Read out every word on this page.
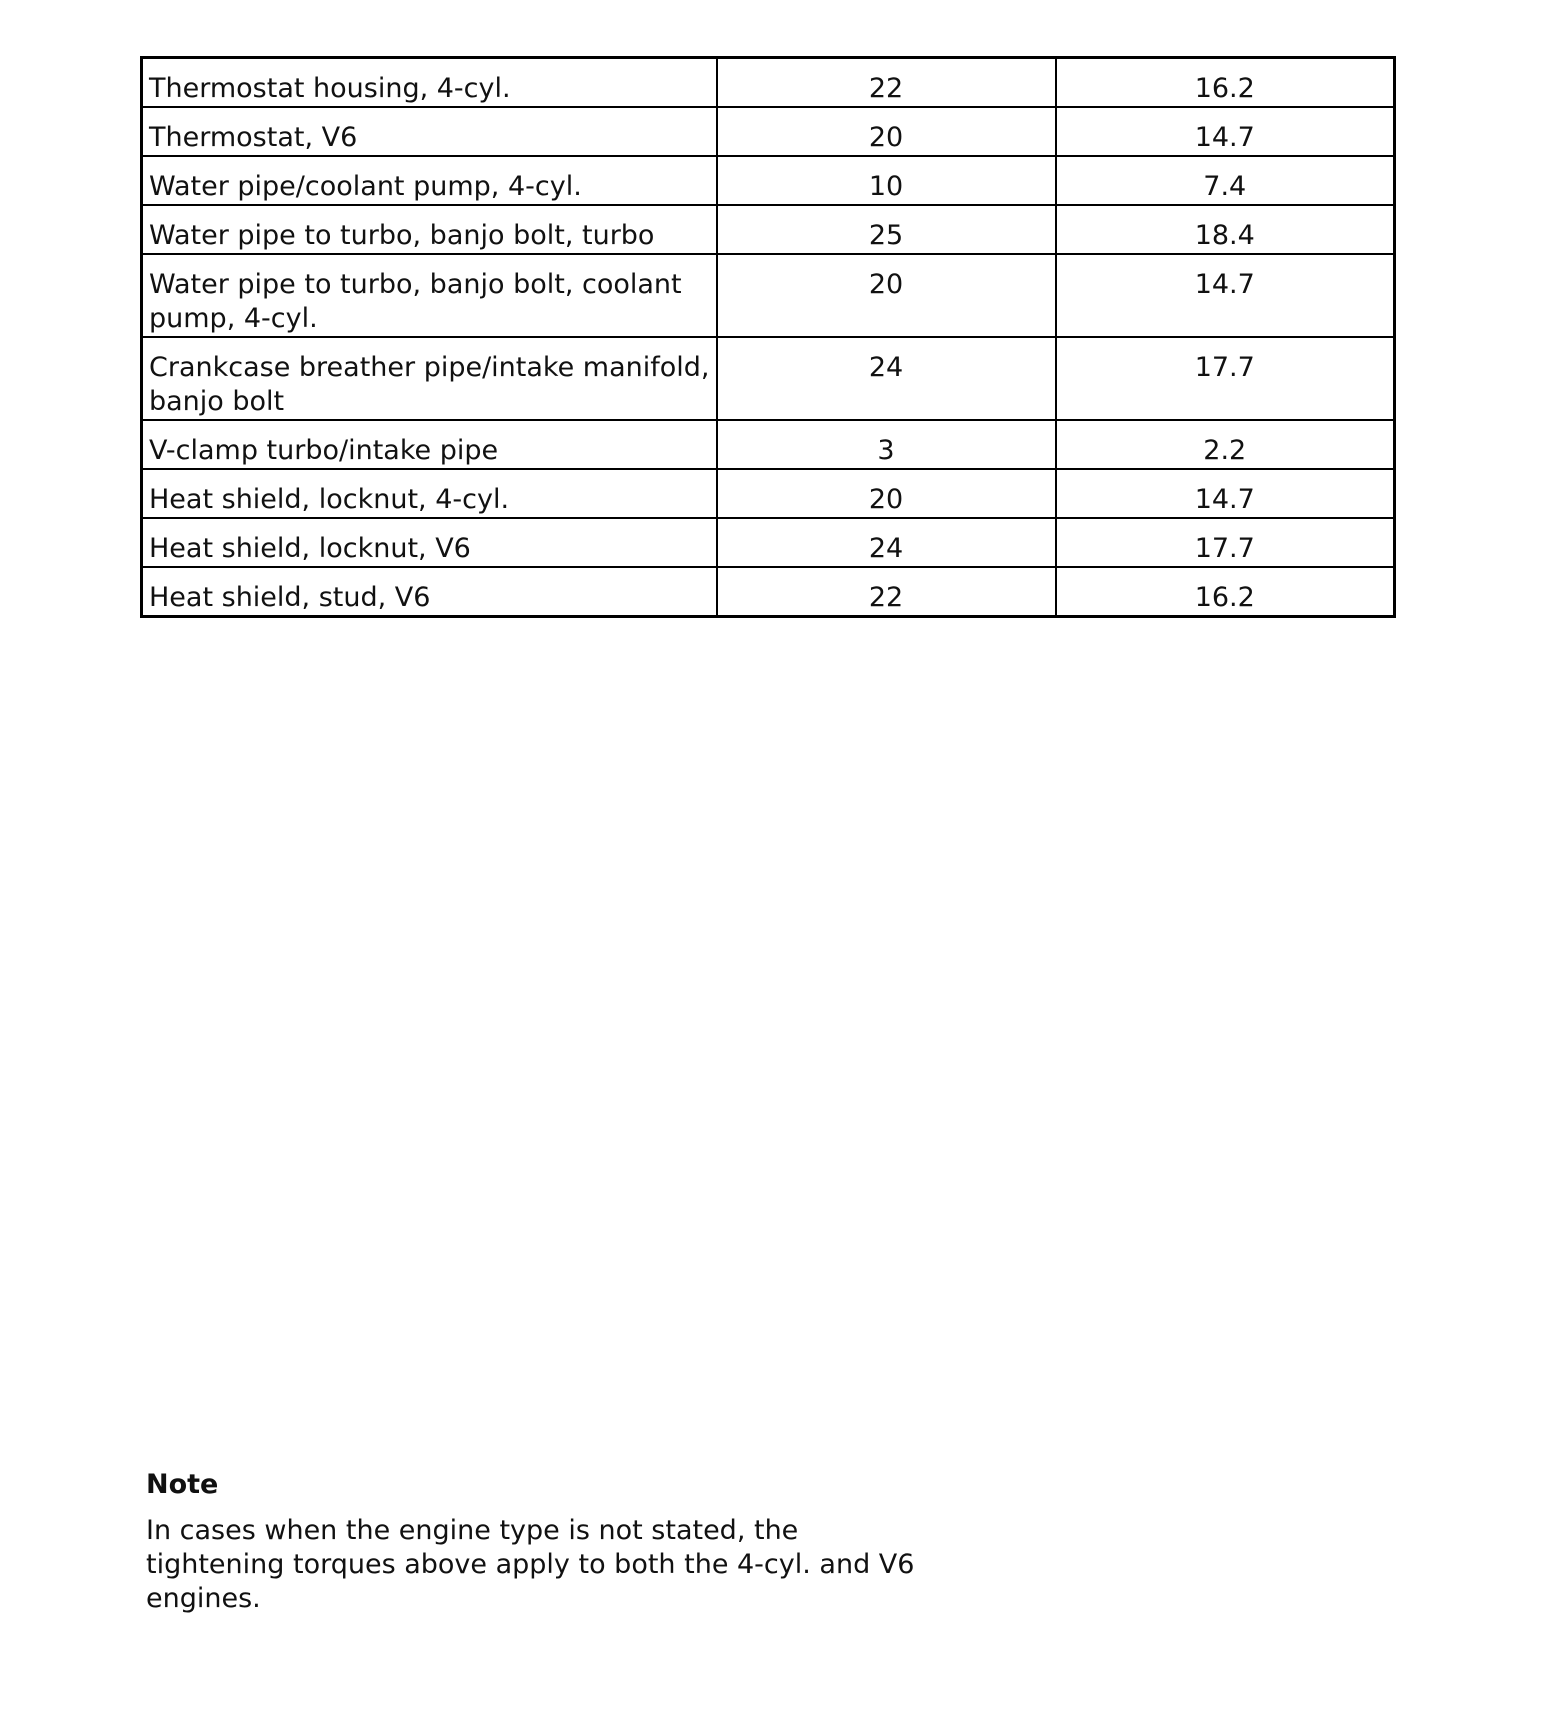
Thermostat housing, 4-cyl.	22	16.2
Thermostat, V6	20	14.7
Water pipe/coolant pump, 4-cyl.	10	7.4
Water pipe to turbo, banjo bolt, turbo	25	18.4
Water pipe to turbo, banjo bolt, coolant pump, 4-cyl.	20	14.7
Crankcase breather pipe/intake manifold, banjo bolt	24	17.7
V-clamp turbo/intake pipe	3	2.2
Heat shield, locknut, 4-cyl.	20	14.7
Heat shield, locknut, V6	24	17.7
Heat shield, stud, V6	22	16.2

Note

In cases when the engine type is not stated, the
tightening torques above apply to both the 4-cyl. and V6
engines.
